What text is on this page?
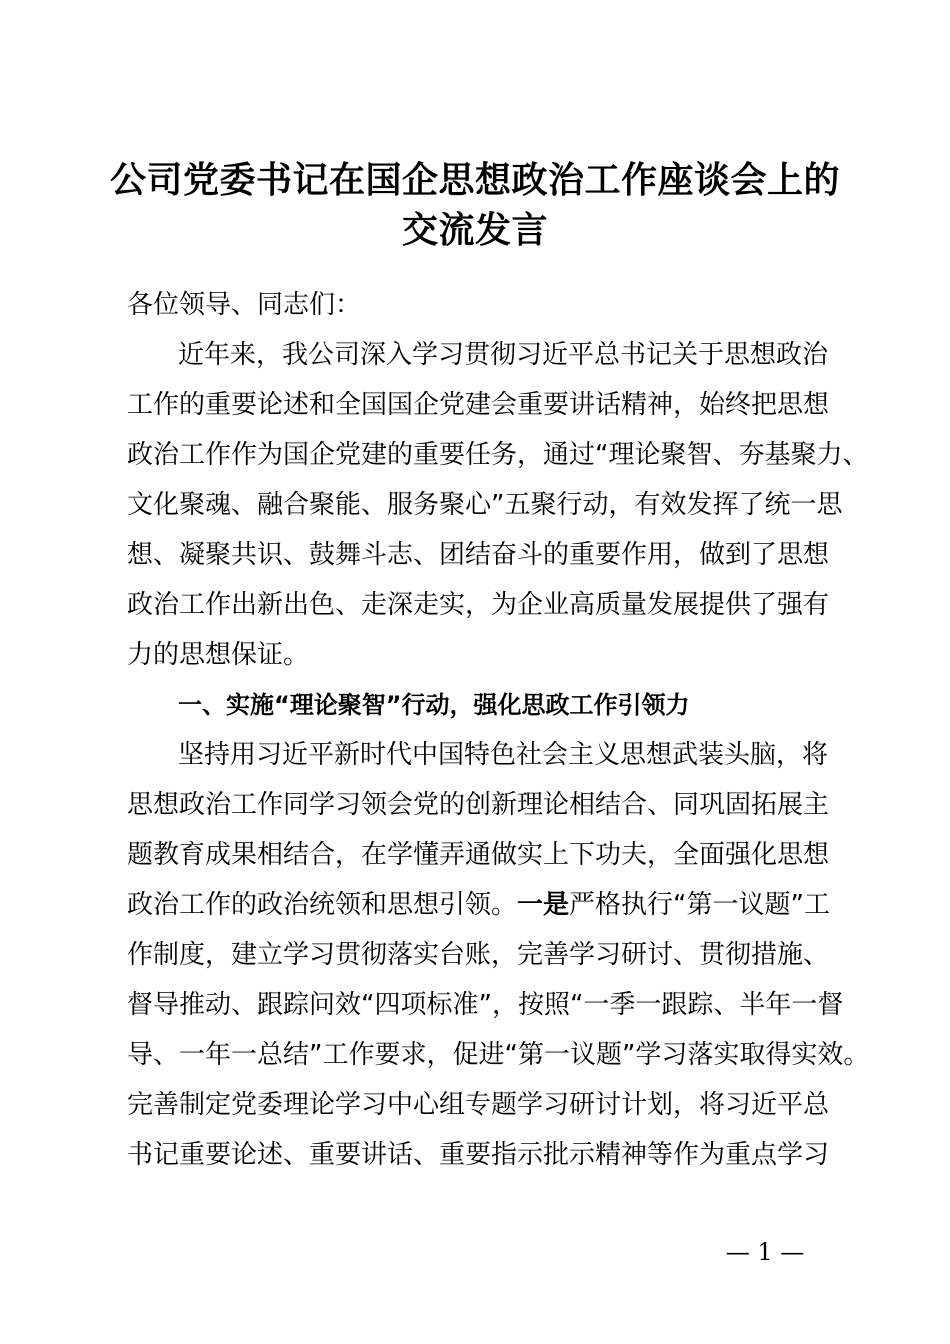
公司党委书记在国企思想政治工作座谈会上的
交流发言
各位领导、同志们：
近年来，我公司深入学习贯彻习近平总书记关于思想政治
工作的重要论述和全国国企党建会重要讲话精神，始终把思想
政治工作作为国企党建的重要任务，通过“理论聚智、夯基聚力、
文化聚魂、融合聚能、服务聚心”五聚行动，有效发挥了统一思
想、凝聚共识、鼓舞斗志、团结奋斗的重要作用，做到了思想
政治工作出新出色、走深走实，为企业高质量发展提供了强有
力的思想保证。
一、实施“理论聚智”行动，强化思政工作引领力
坚持用习近平新时代中国特色社会主义思想武装头脑，将
思想政治工作同学习领会党的创新理论相结合、同巩固拓展主
题教育成果相结合，在学懂弄通做实上下功夫，全面强化思想
政治工作的政治统领和思想引领。一是严格执行“第一议题”工
作制度，建立学习贯彻落实台账，完善学习研讨、贯彻措施、
督导推动、跟踪问效“四项标准”，按照“一季一跟踪、半年一督
导、一年一总结”工作要求，促进“第一议题”学习落实取得实效。
完善制定党委理论学习中心组专题学习研讨计划，将习近平总
书记重要论述、重要讲话、重要指示批示精神等作为重点学习
— 1 —
